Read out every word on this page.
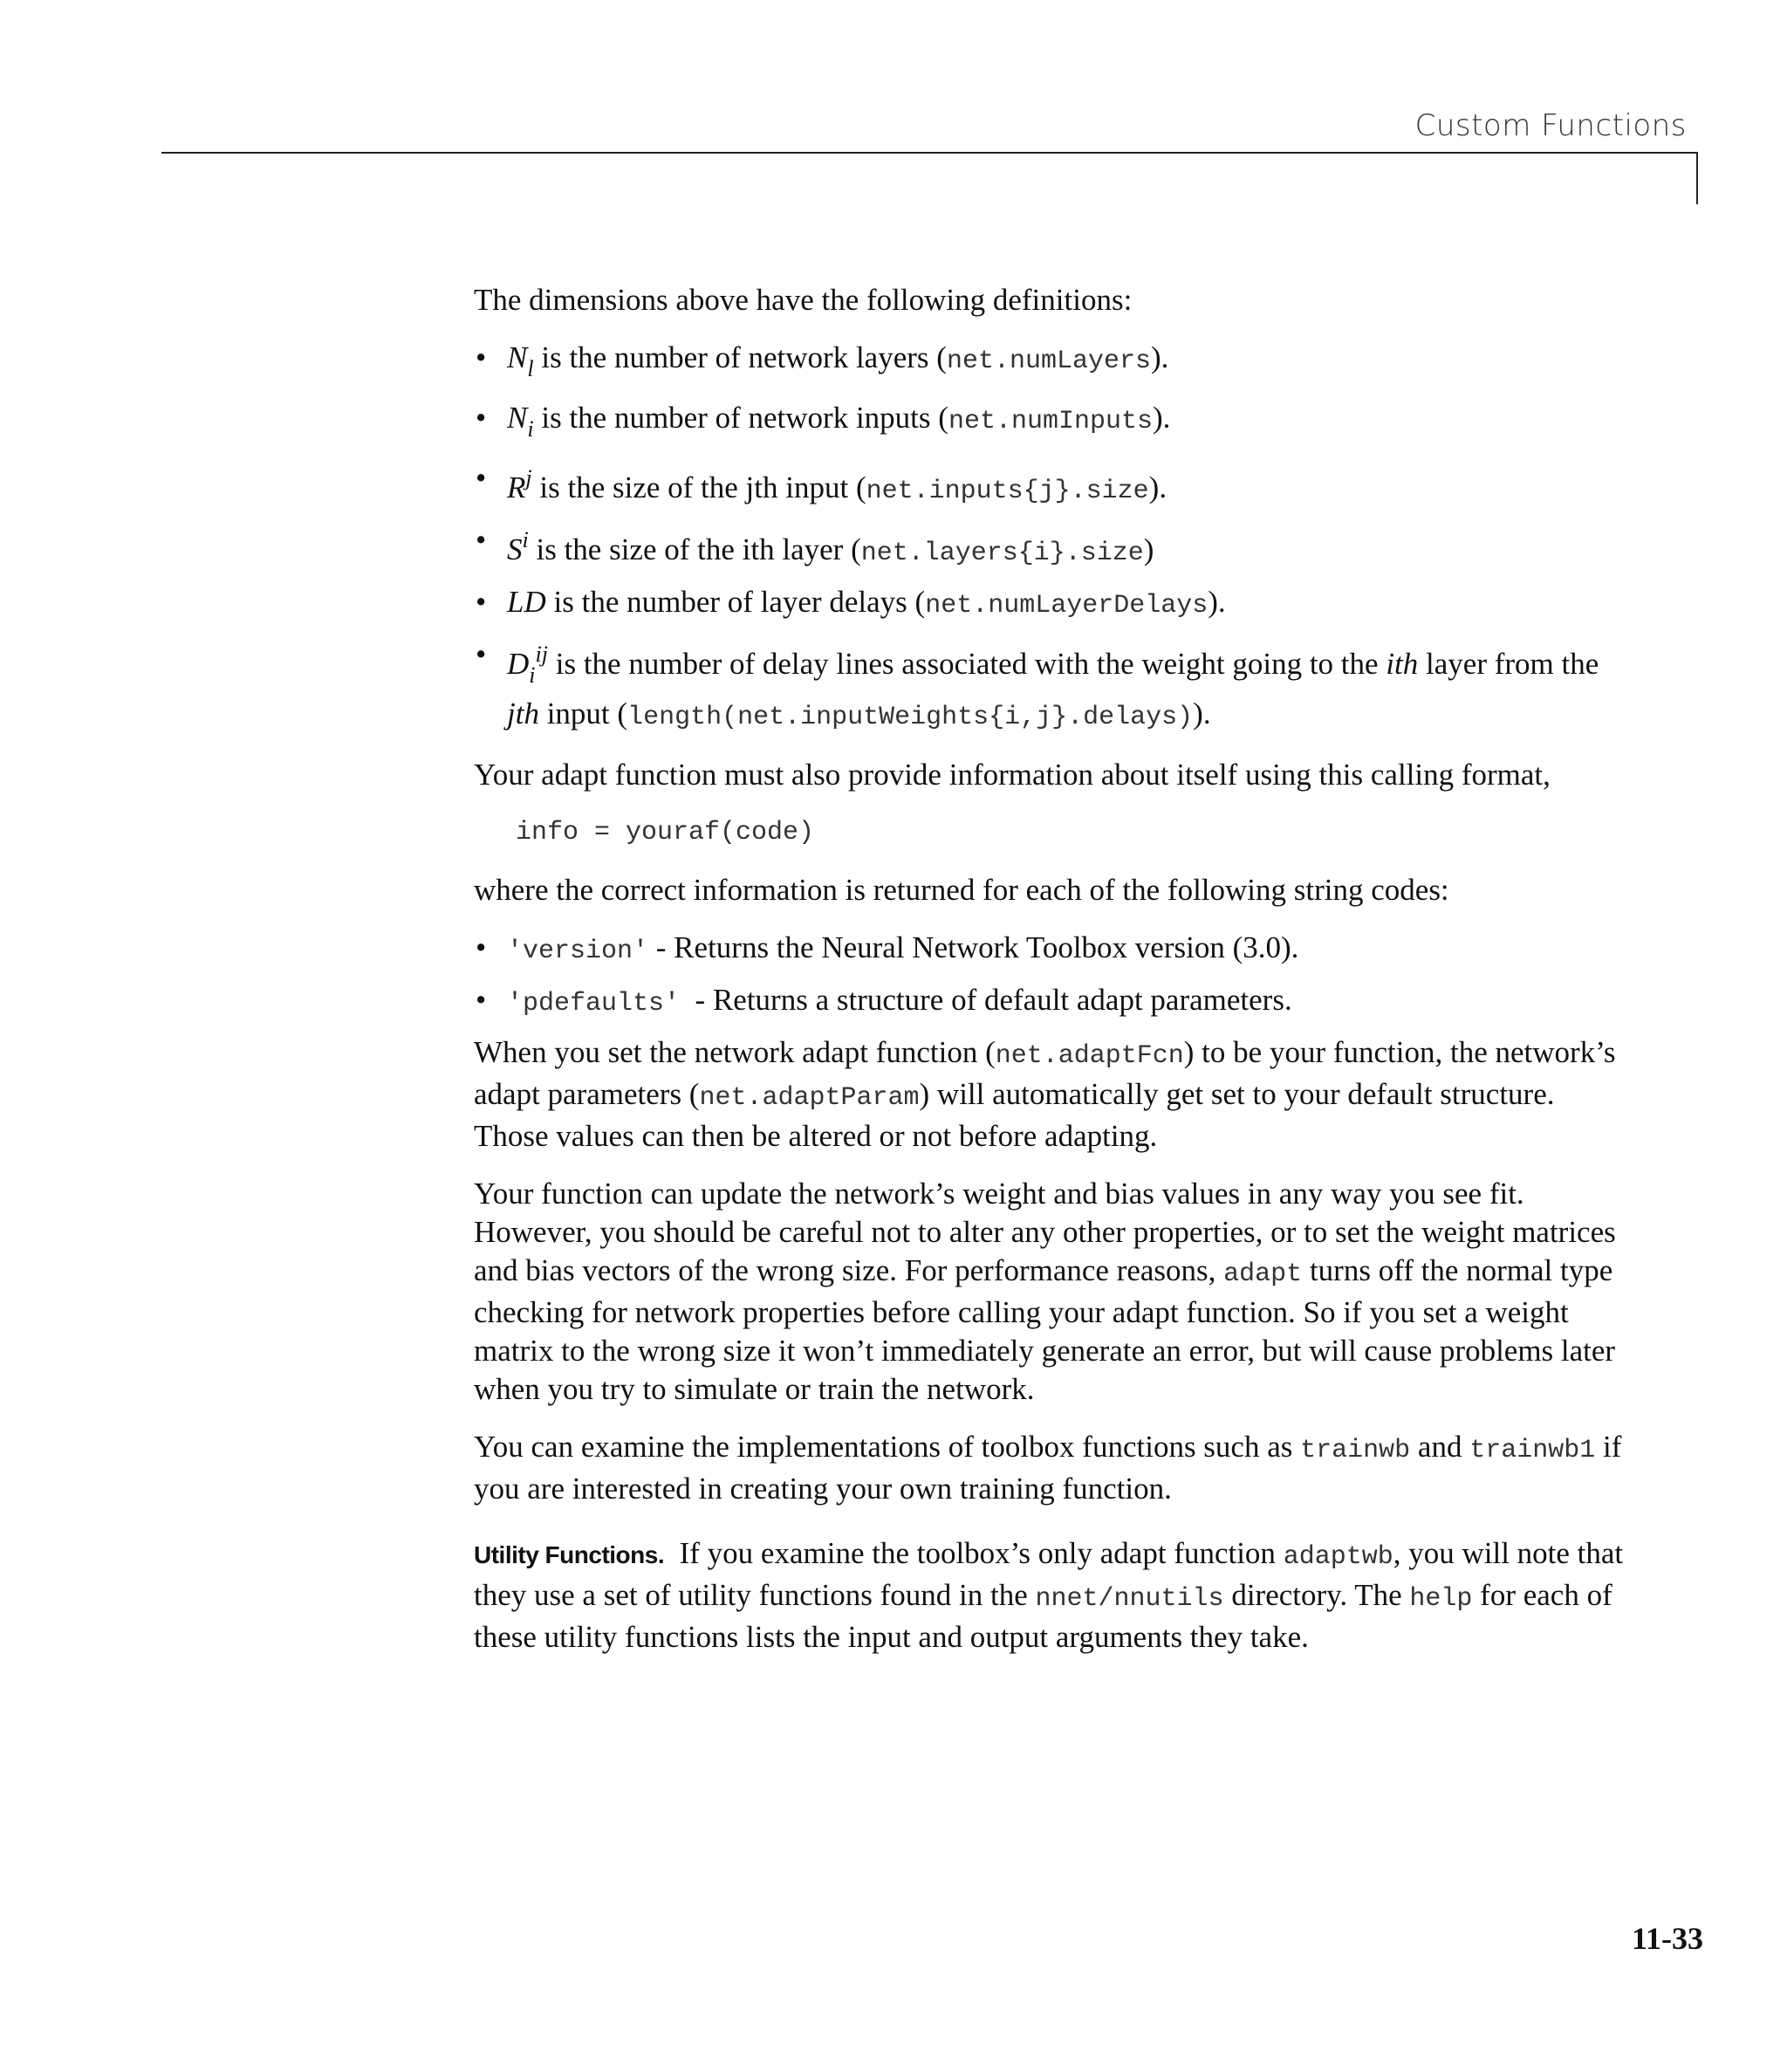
Custom Functions

The dimensions above have the following definitions:

• $N_l$ is the number of network layers (net.numLayers).
• $N_i$ is the number of network inputs (net.numInputs).
• $R^j$ is the size of the jth input (net.inputs{j}.size).
• $S^i$ is the size of the ith layer (net.layers{i}.size)
• LD is the number of layer delays (net.numLayerDelays).
• $D_i^{ij}$ is the number of delay lines associated with the weight going to the ith layer from the jth input (length(net.inputWeights{i,j}.delays)).

Your adapt function must also provide information about itself using this calling format,

info = youraf(code)

where the correct information is returned for each of the following string codes:

• 'version' - Returns the Neural Network Toolbox version (3.0).
• 'pdefaults'  - Returns a structure of default adapt parameters.

When you set the network adapt function (net.adaptFcn) to be your function, the network’s adapt parameters (net.adaptParam) will automatically get set to your default structure. Those values can then be altered or not before adapting.

Your function can update the network’s weight and bias values in any way you see fit. However, you should be careful not to alter any other properties, or to set the weight matrices and bias vectors of the wrong size. For performance reasons, adapt turns off the normal type checking for network properties before calling your adapt function. So if you set a weight matrix to the wrong size it won’t immediately generate an error, but will cause problems later when you try to simulate or train the network.

You can examine the implementations of toolbox functions such as trainwb and trainwb1 if you are interested in creating your own training function.

Utility Functions.  If you examine the toolbox’s only adapt function adaptwb, you will note that they use a set of utility functions found in the nnet/nnutils directory. The help for each of these utility functions lists the input and output arguments they take.

11-33
